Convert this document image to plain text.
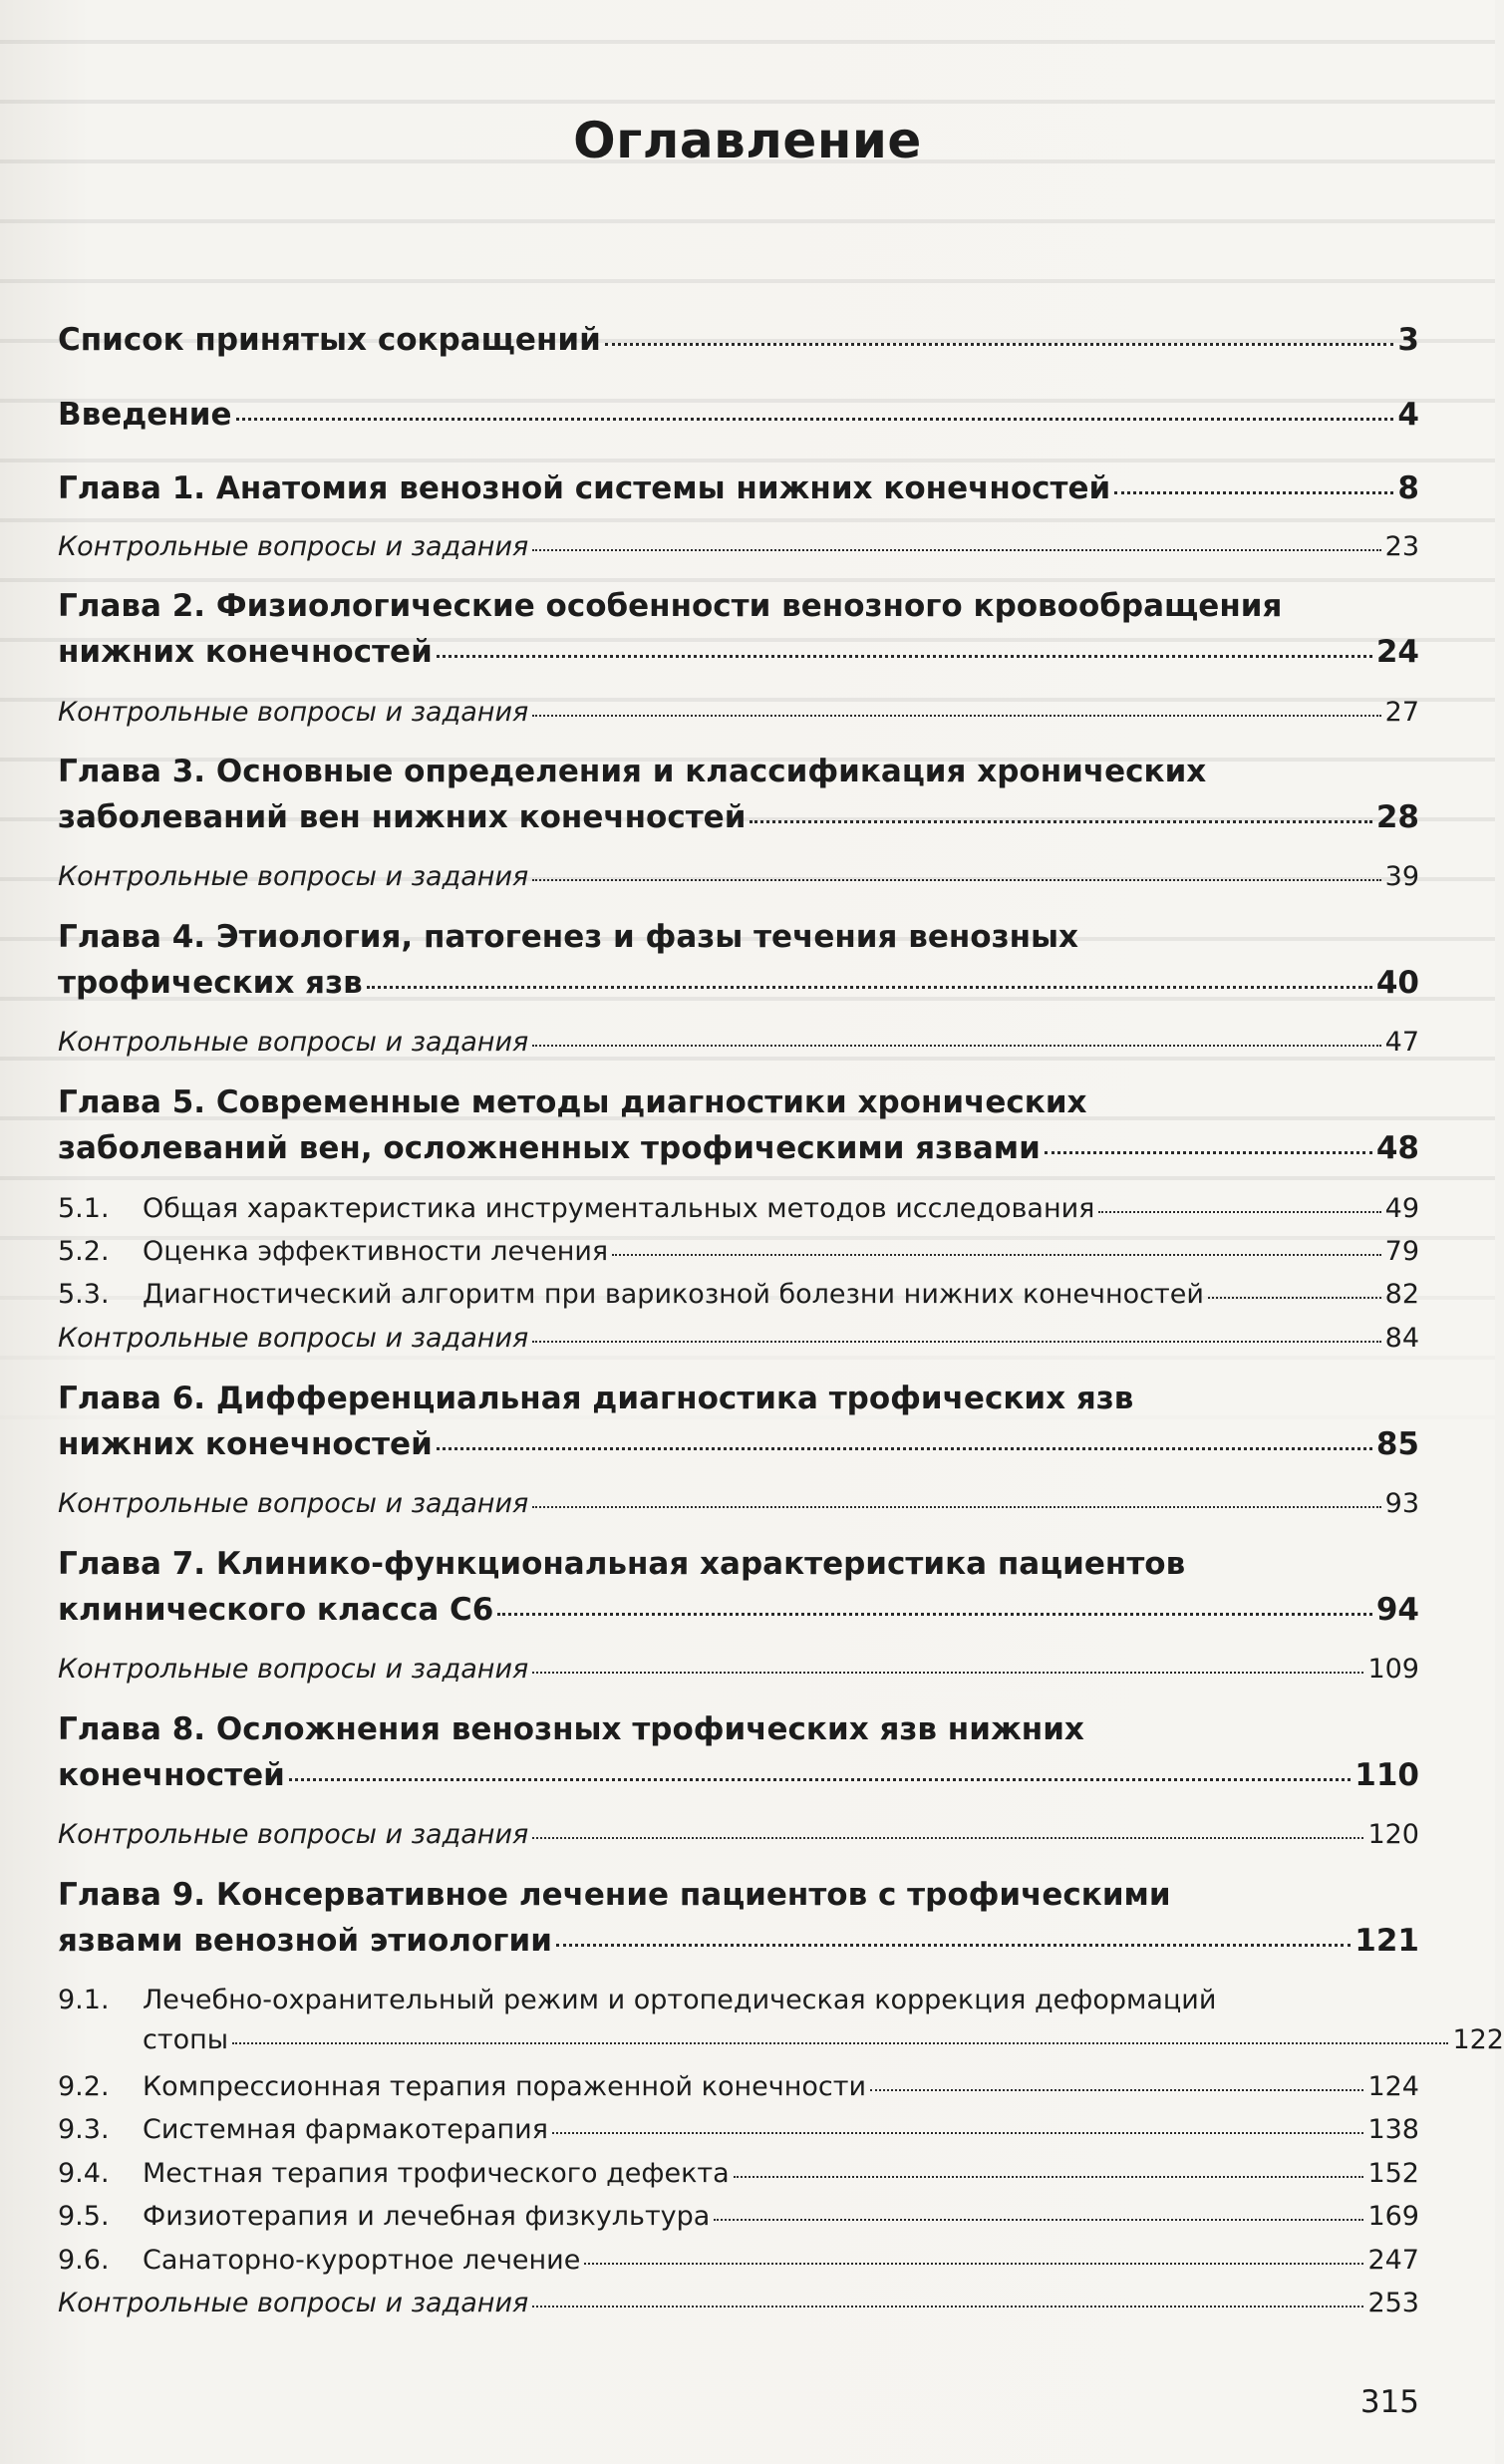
Оглавление
Список принятых сокращений	3
Введение	4
Глава 1. Анатомия венозной системы нижних конечностей	8
Контрольные вопросы и задания	23
Глава 2. Физиологические особенности венозного кровообращения
нижних конечностей	24
Контрольные вопросы и задания	27
Глава 3. Основные определения и классификация хронических
заболеваний вен нижних конечностей	28
Контрольные вопросы и задания	39
Глава 4. Этиология, патогенез и фазы течения венозных
трофических язв	40
Контрольные вопросы и задания	47
Глава 5. Современные методы диагностики хронических
заболеваний вен, осложненных трофическими язвами	48
5.1. Общая характеристика инструментальных методов исследования	49
5.2. Оценка эффективности лечения	79
5.3. Диагностический алгоритм при варикозной болезни нижних конечностей	82
Контрольные вопросы и задания	84
Глава 6. Дифференциальная диагностика трофических язв
нижних конечностей	85
Контрольные вопросы и задания	93
Глава 7. Клинико-функциональная характеристика пациентов
клинического класса С6	94
Контрольные вопросы и задания	109
Глава 8. Осложнения венозных трофических язв нижних
конечностей	110
Контрольные вопросы и задания	120
Глава 9. Консервативное лечение пациентов с трофическими
язвами венозной этиологии	121
9.1. Лечебно-охранительный режим и ортопедическая коррекция деформаций
стопы	122
9.2. Компрессионная терапия пораженной конечности	124
9.3. Системная фармакотерапия	138
9.4. Местная терапия трофического дефекта	152
9.5. Физиотерапия и лечебная физкультура	169
9.6. Санаторно-курортное лечение	247
Контрольные вопросы и задания	253
315
